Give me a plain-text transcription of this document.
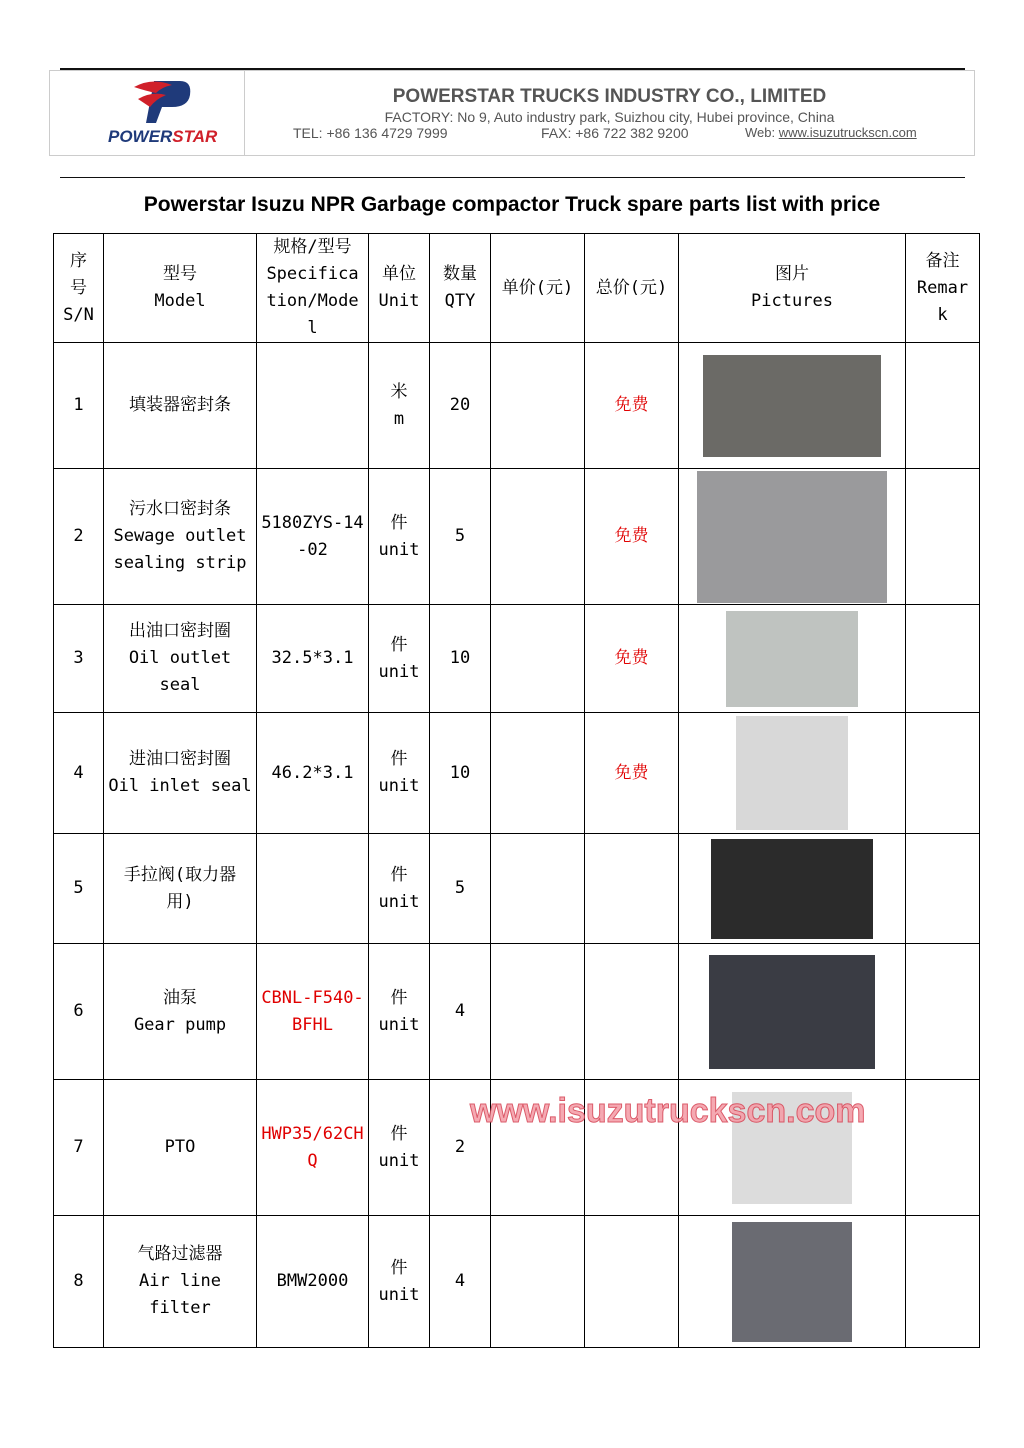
POWERSTAR
POWERSTAR TRUCKS INDUSTRY CO., LIMITED
FACTORY: No 9, Auto industry park, Suizhou city, Hubei province, China
TEL: +86 136 4729 7999	FAX: +86 722 382 9200	Web: www.isuzutruckscn.com
Powerstar Isuzu NPR Garbage compactor Truck spare parts list with price
序
号
S/N	型号
Model	规格/型号
Specifica
tion/Mode
l	单位
Unit	数量
QTY	单价(元)	总价(元)	图片
Pictures	备注
Remar
k
1	填装器密封条		米
m	20		免费	

2	污水口密封条
Sewage outlet
sealing strip	5180ZYS-14-02	件
unit	5		免费	

3	出油口密封圈
Oil outlet
seal	32.5*3.1	件
unit	10		免费	

4	进油口密封圈
Oil inlet seal	46.2*3.1	件
unit	10		免费	

5	手拉阀(取力器
用)		件
unit	5			

6	油泵
Gear pump	CBNL-F540-BFHL	件
unit	4			

7	PTO	HWP35/62CHQ	件
unit	2			

8	气路过滤器
Air line
filter	BMW2000	件
unit	4			

www.isuzutruckscn.com
